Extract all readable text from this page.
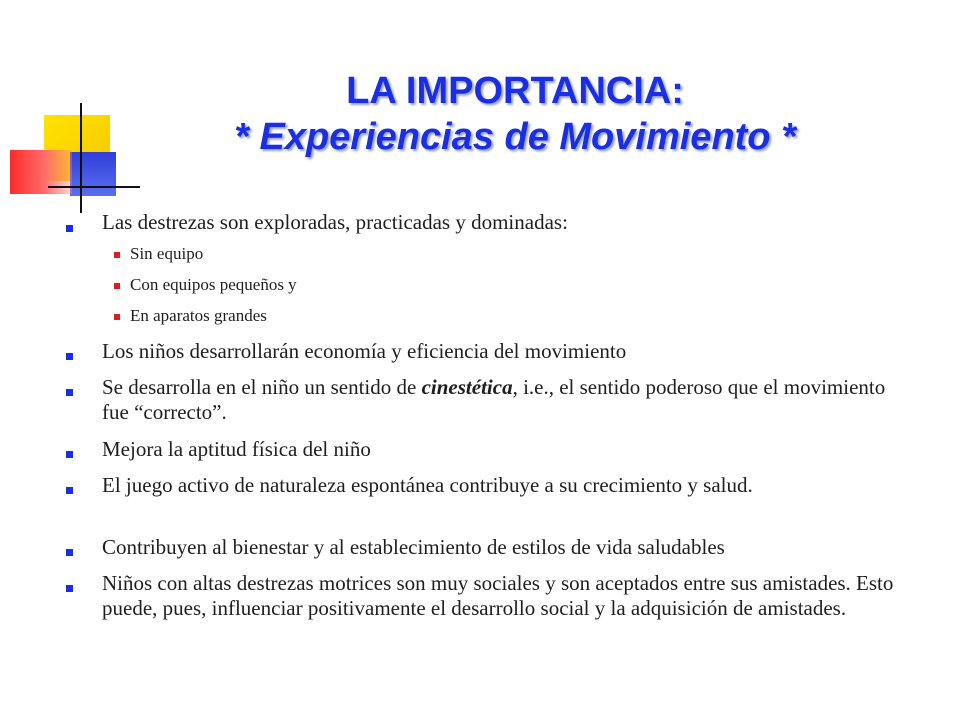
LA IMPORTANCIA:
* Experiencias de Movimiento *
Las destrezas son exploradas, practicadas y dominadas:
Sin equipo
Con equipos pequeños y
En aparatos grandes
Los niños desarrollarán economía y eficiencia del movimiento
Se desarrolla en el niño un sentido de cinestética, i.e., el sentido poderoso que el movimiento fue “correcto”.
Mejora la aptitud física del niño
El juego activo de naturaleza espontánea contribuye a su crecimiento y salud.
Contribuyen al bienestar y al establecimiento de estilos de vida saludables
Niños con altas destrezas motrices son muy sociales y son aceptados entre sus amistades. Esto puede, pues, influenciar positivamente el desarrollo social y la adquisición de amistades.
